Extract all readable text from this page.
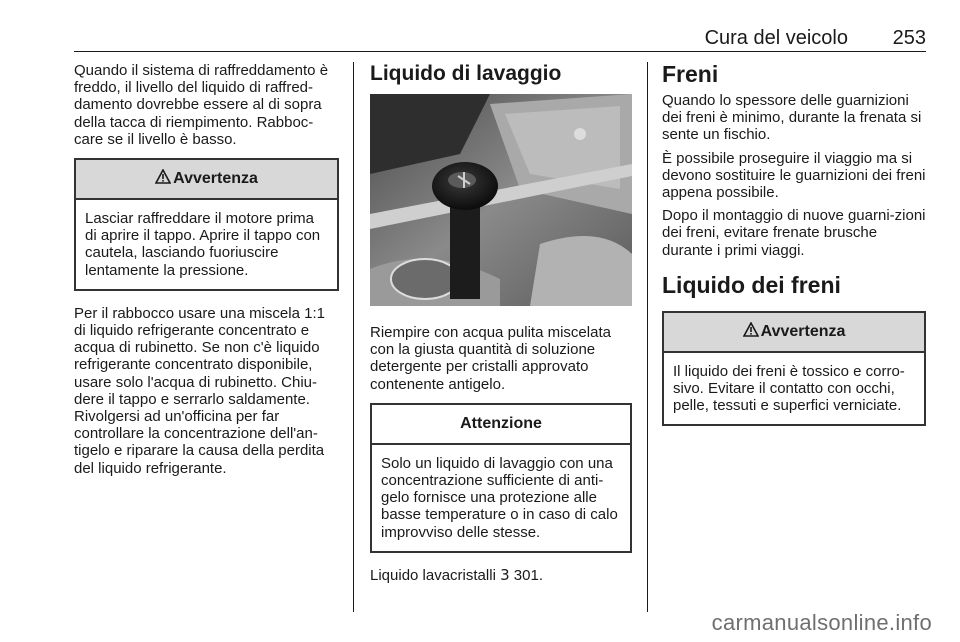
Cura del veicolo 253

Quando il sistema di raffreddamento è freddo, il livello del liquido di raffred-damento dovrebbe essere al di sopra della tacca di riempimento. Rabboc-care se il livello è basso.

Avvertenza
Lasciar raffreddare il motore prima di aprire il tappo. Aprire il tappo con cautela, lasciando fuoriuscire lentamente la pressione.

Per il rabbocco usare una miscela 1:1 di liquido refrigerante concentrato e acqua di rubinetto. Se non c'è liquido refrigerante concentrato disponibile, usare solo l'acqua di rubinetto. Chiu-dere il tappo e serrarlo saldamente. Rivolgersi ad un'officina per far controllare la concentrazione dell'an-tigelo e riparare la causa della perdita del liquido refrigerante.

Liquido di lavaggio

Riempire con acqua pulita miscelata con la giusta quantità di soluzione detergente per cristalli approvato contenente antigelo.

Attenzione
Solo un liquido di lavaggio con una concentrazione sufficiente di anti-gelo fornisce una protezione alle basse temperature o in caso di calo improvviso delle stesse.

Liquido lavacristalli 3 301.

Freni

Quando lo spessore delle guarnizioni dei freni è minimo, durante la frenata si sente un fischio.

È possibile proseguire il viaggio ma si devono sostituire le guarnizioni dei freni appena possibile.

Dopo il montaggio di nuove guarni-zioni dei freni, evitare frenate brusche durante i primi viaggi.

Liquido dei freni
Avvertenza
Il liquido dei freni è tossico e corro-sivo. Evitare il contatto con occhi, pelle, tessuti e superfici verniciate.
carmanualsonline.info
